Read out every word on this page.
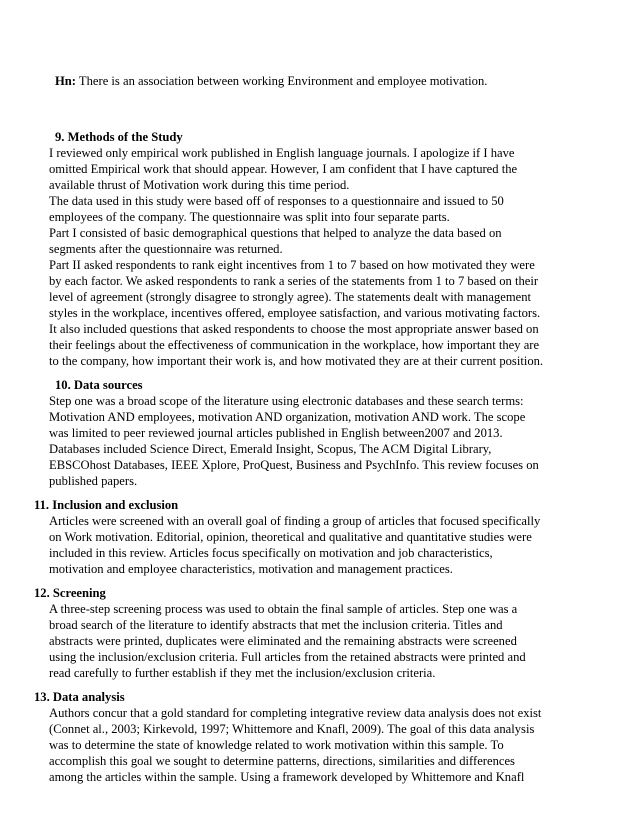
Hn: There is an association between working Environment and employee motivation.
9. Methods of the Study
I reviewed only empirical work published in English language journals. I apologize if I have
omitted Empirical work that should appear. However, I am confident that I have captured the
available thrust of Motivation work during this time period.
The data used in this study were based off of responses to a questionnaire and issued to 50
employees of the company. The questionnaire was split into four separate parts.
Part I consisted of basic demographical questions that helped to analyze the data based on
segments after the questionnaire was returned.
Part II asked respondents to rank eight incentives from 1 to 7 based on how motivated they were
by each factor. We asked respondents to rank a series of the statements from 1 to 7 based on their
level of agreement (strongly disagree to strongly agree). The statements dealt with management
styles in the workplace, incentives offered, employee satisfaction, and various motivating factors.
It also included questions that asked respondents to choose the most appropriate answer based on
their feelings about the effectiveness of communication in the workplace, how important they are
to the company, how important their work is, and how motivated they are at their current position.
10. Data sources
Step one was a broad scope of the literature using electronic databases and these search terms:
Motivation AND employees, motivation AND organization, motivation AND work. The scope
was limited to peer reviewed journal articles published in English between2007 and 2013.
Databases included Science Direct, Emerald Insight, Scopus, The ACM Digital Library,
EBSCOhost Databases, IEEE Xplore, ProQuest, Business and PsychInfo. This review focuses on
published papers.
11. Inclusion and exclusion
Articles were screened with an overall goal of finding a group of articles that focused specifically
on Work motivation. Editorial, opinion, theoretical and qualitative and quantitative studies were
included in this review. Articles focus specifically on motivation and job characteristics,
motivation and employee characteristics, motivation and management practices.
12. Screening
A three-step screening process was used to obtain the final sample of articles. Step one was a
broad search of the literature to identify abstracts that met the inclusion criteria. Titles and
abstracts were printed, duplicates were eliminated and the remaining abstracts were screened
using the inclusion/exclusion criteria. Full articles from the retained abstracts were printed and
read carefully to further establish if they met the inclusion/exclusion criteria.
13. Data analysis
Authors concur that a gold standard for completing integrative review data analysis does not exist
(Connet al., 2003; Kirkevold, 1997; Whittemore and Knafl, 2009). The goal of this data analysis
was to determine the state of knowledge related to work motivation within this sample. To
accomplish this goal we sought to determine patterns, directions, similarities and differences
among the articles within the sample. Using a framework developed by Whittemore and Knafl
